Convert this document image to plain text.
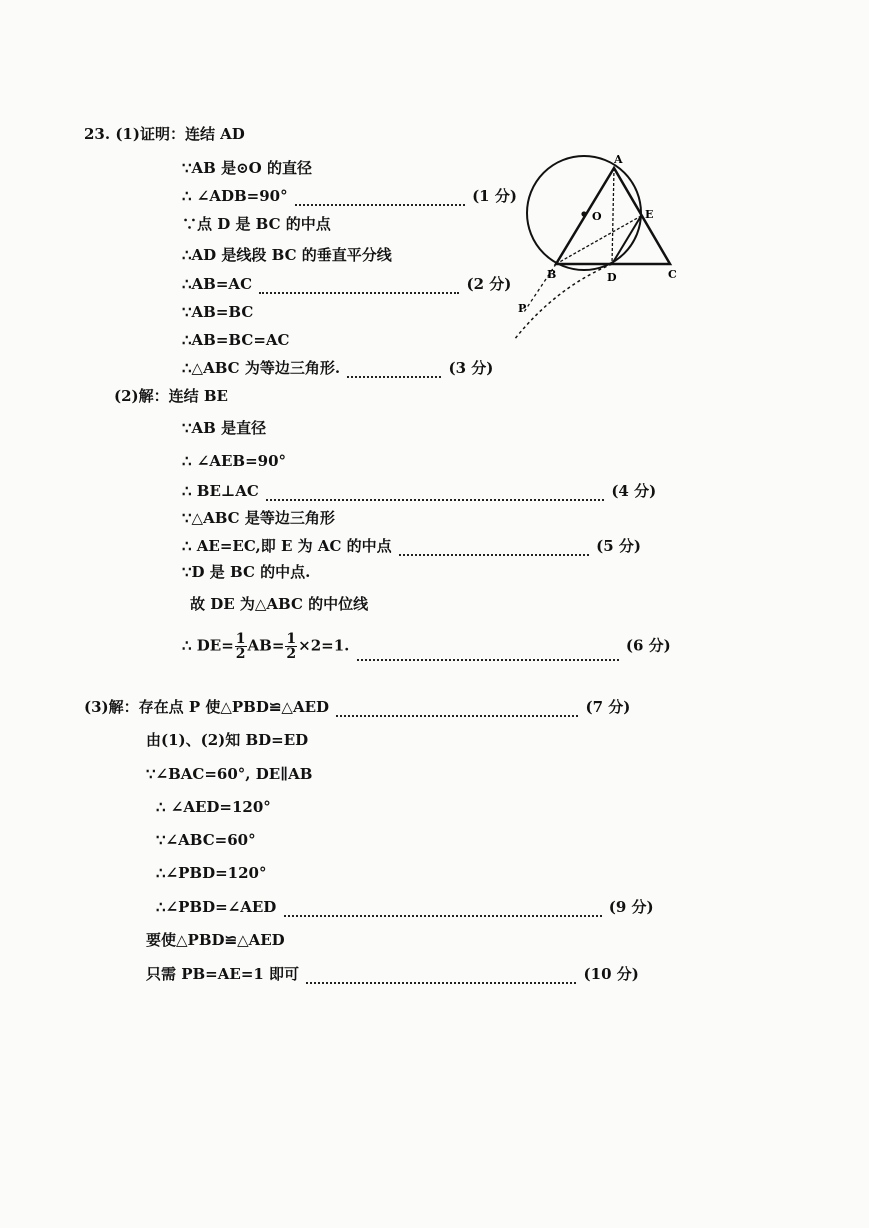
23. (1)证明：连结 AD
∵AB 是⊙O 的直径
∴ ∠ADB=90°	(1 分)
∵点 D 是 BC 的中点
∴AD 是线段 BC 的垂直平分线
∴AB=AC	(2 分)
∵AB=BC
∴AB=BC=AC
∴△ABC 为等边三角形.	(3 分)
(2)解：连结 BE
∵AB 是直径
∴ ∠AEB=90°
∴ BE⊥AC	(4 分)
∵△ABC 是等边三角形
∴ AE=EC,即 E 为 AC 的中点	(5 分)
∵D 是 BC 的中点.
故 DE 为△ABC 的中位线
∴ $DE= \frac{1}{2} AB= \frac{1}{2} \times 2=1$.	(6 分)
(3)解：存在点 P 使△PBD≌△AED	(7 分)
由(1)、(2)知 BD=ED
∵∠BAC=60°, DE∥AB
∴ ∠AED=120°
∵∠ABC=60°
∴∠PBD=120°
∴∠PBD=∠AED	(9 分)
要使△PBD≌△AED
只需 PB=AE=1 即可	(10 分)
A
O	E
B	D	C
P
